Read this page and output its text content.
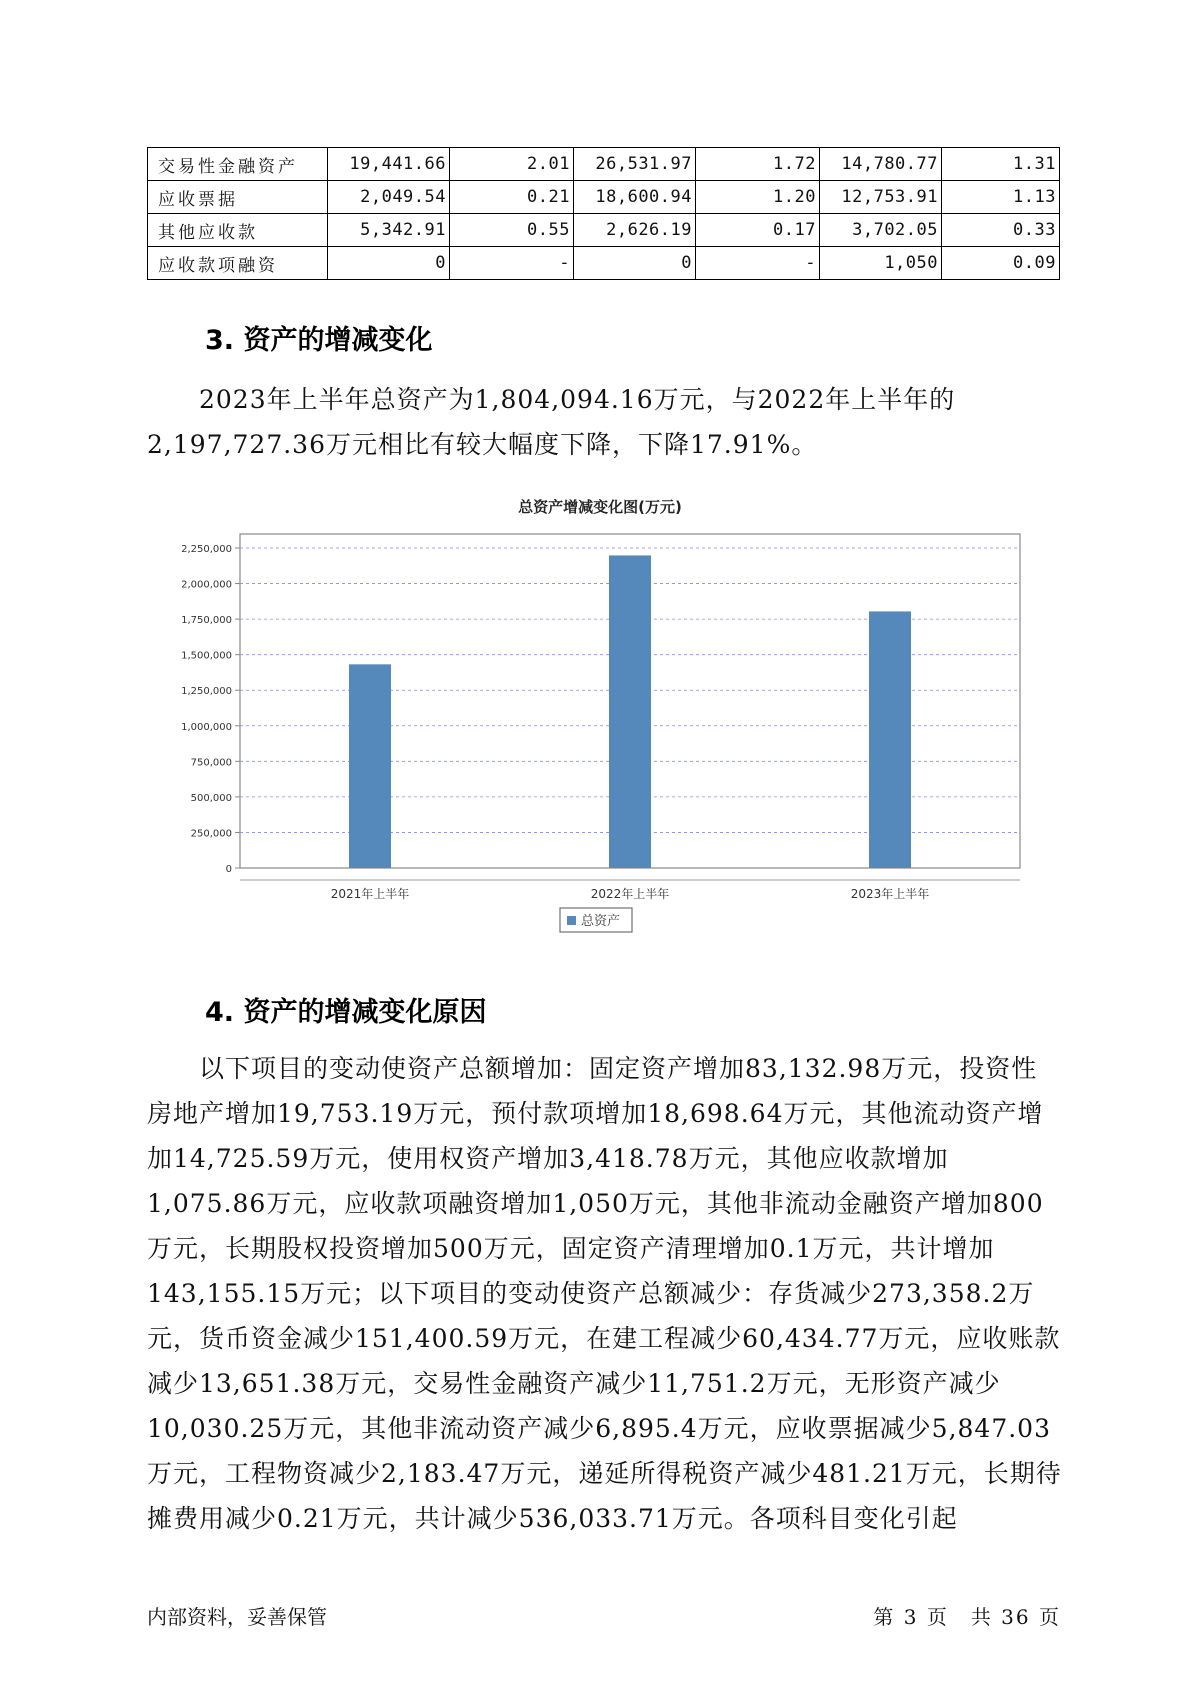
交易性金融资产	19,441.66	2.01	26,531.97	1.72	14,780.77	1.31
应收票据	2,049.54	0.21	18,600.94	1.20	12,753.91	1.13
其他应收款	5,342.91	0.55	2,626.19	0.17	3,702.05	0.33
应收款项融资	0	-	0	-	1,050	0.09
3. 资产的增减变化

　　2023年上半年总资产为1,804,094.16万元，与2022年上半年的2,197,727.36万元相比有较大幅度下降，下降17.91%。

总资产增减变化图(万元)
0
250,000
500,000
750,000
1,000,000
1,250,000
1,500,000
1,750,000
2,000,000
2,250,000
2021年上半年	2022年上半年	2023年上半年
总资产
4. 资产的增减变化原因

　　以下项目的变动使资产总额增加：固定资产增加83,132.98万元，投资性房地产增加19,753.19万元，预付款项增加18,698.64万元，其他流动资产增加14,725.59万元，使用权资产增加3,418.78万元，其他应收款增加1,075.86万元，应收款项融资增加1,050万元，其他非流动金融资产增加800万元，长期股权投资增加500万元，固定资产清理增加0.1万元，共计增加143,155.15万元；以下项目的变动使资产总额减少：存货减少273,358.2万元，货币资金减少151,400.59万元，在建工程减少60,434.77万元，应收账款减少13,651.38万元，交易性金融资产减少11,751.2万元，无形资产减少10,030.25万元，其他非流动资产减少6,895.4万元，应收票据减少5,847.03万元，工程物资减少2,183.47万元，递延所得税资产减少481.21万元，长期待摊费用减少0.21万元，共计减少536,033.71万元。各项科目变化引起

内部资料，妥善保管	第 3 页　共 36 页
